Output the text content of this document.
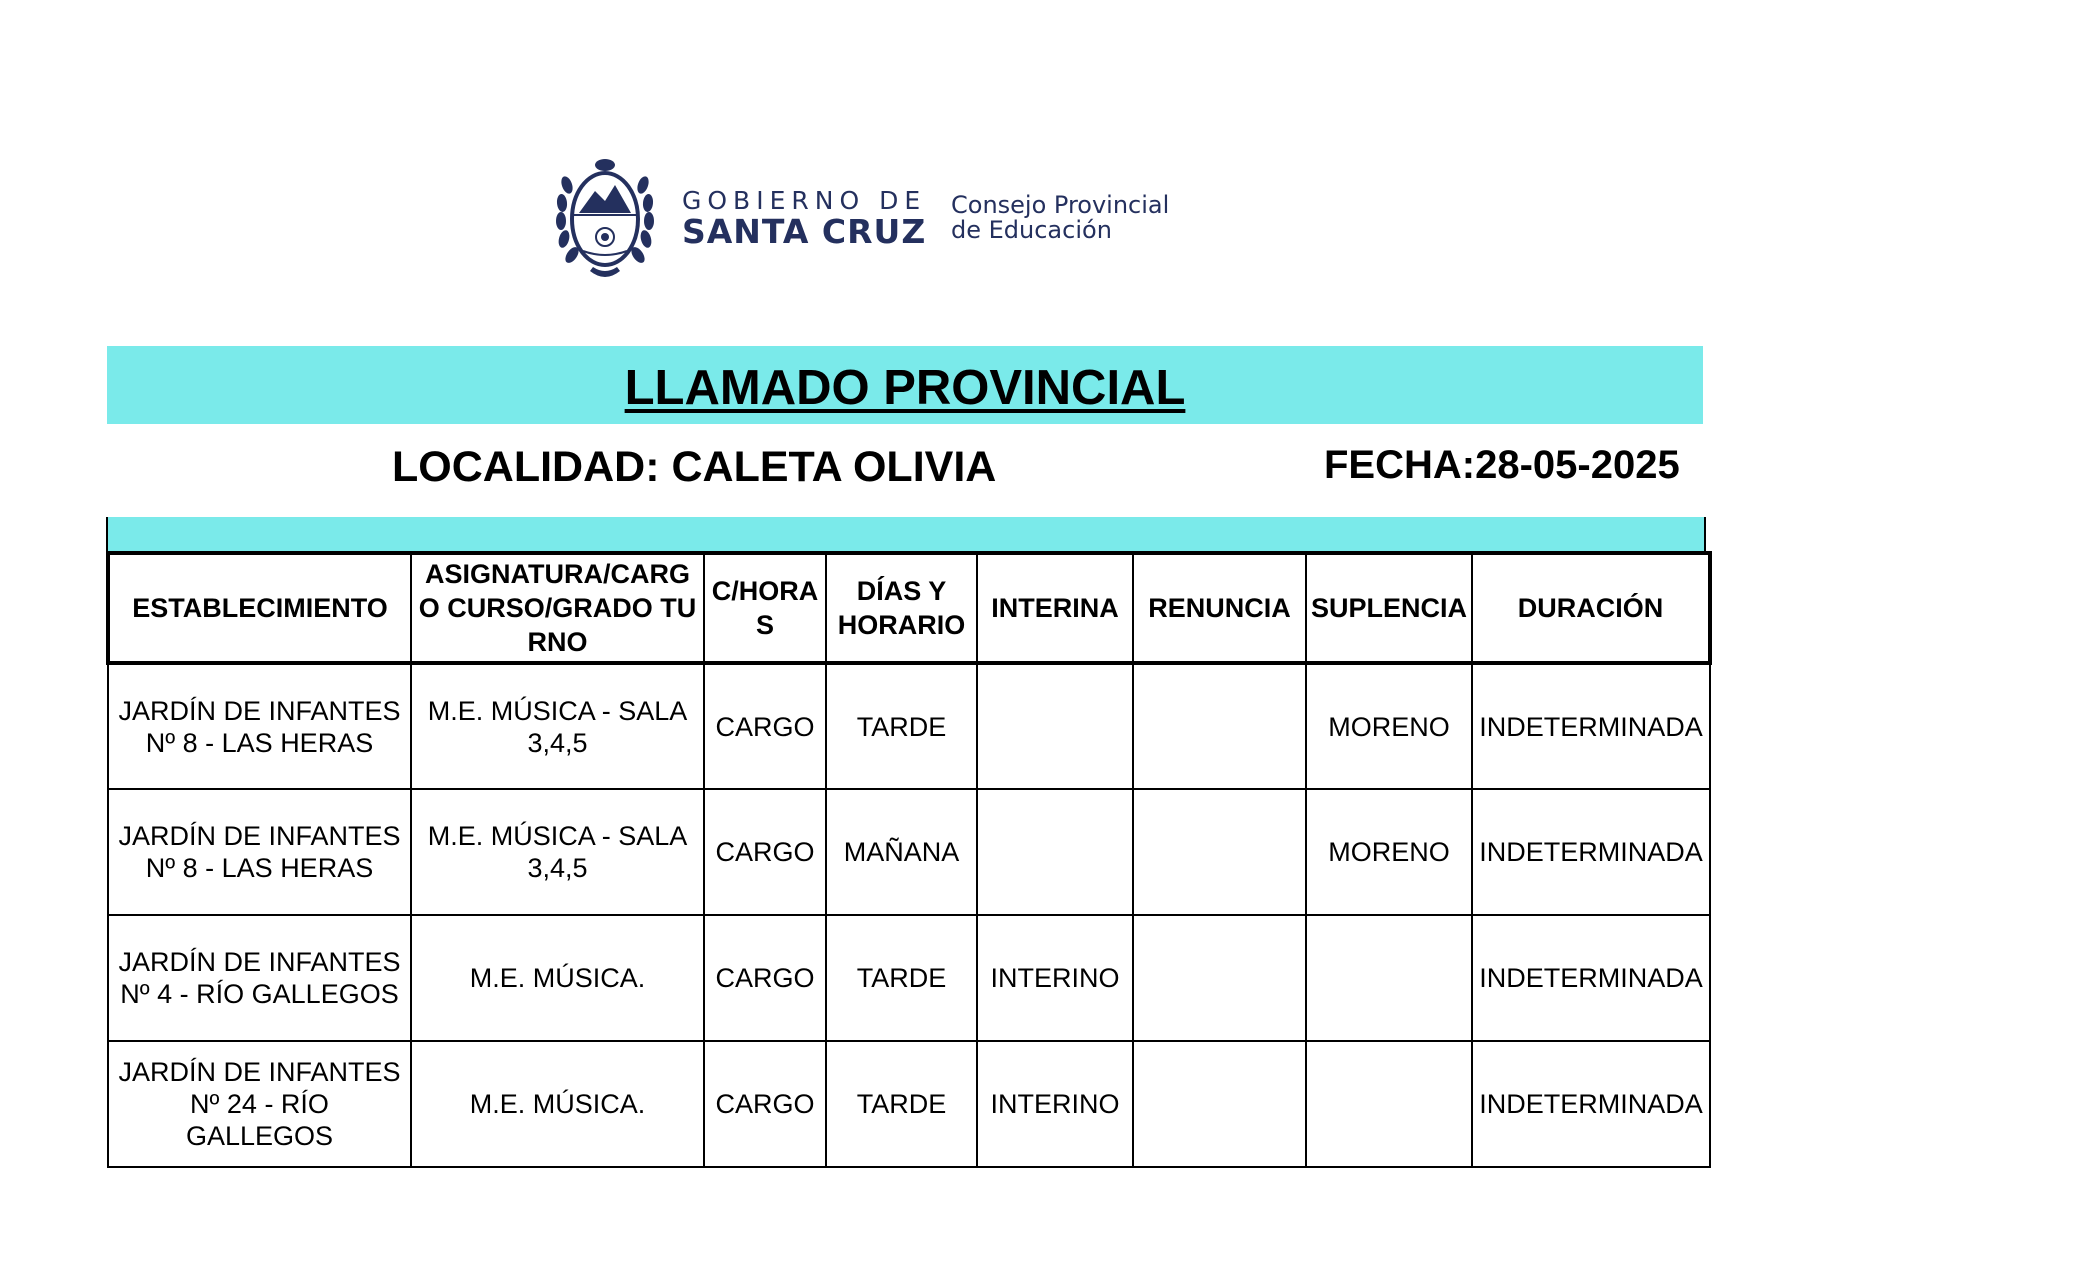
GOBIERNO DE
SANTA CRUZ
Consejo Provincial
de Educación
LLAMADO PROVINCIAL
LOCALIDAD: CALETA OLIVIA	FECHA:28-05-2025
ESTABLECIMIENTO	ASIGNATURA/CARGO CURSO/GRADO TURNO	C/HORAS	DÍAS Y HORARIO	INTERINA	RENUNCIA	SUPLENCIA	DURACIÓN
JARDÍN DE INFANTES Nº 8 - LAS HERAS	M.E. MÚSICA - SALA 3,4,5	CARGO	TARDE			MORENO	INDETERMINADA
JARDÍN DE INFANTES Nº 8 - LAS HERAS	M.E. MÚSICA - SALA 3,4,5	CARGO	MAÑANA			MORENO	INDETERMINADA
JARDÍN DE INFANTES Nº 4 - RÍO GALLEGOS	M.E. MÚSICA.	CARGO	TARDE	INTERINO			INDETERMINADA
JARDÍN DE INFANTES Nº 24 - RÍO GALLEGOS	M.E. MÚSICA.	CARGO	TARDE	INTERINO			INDETERMINADA
